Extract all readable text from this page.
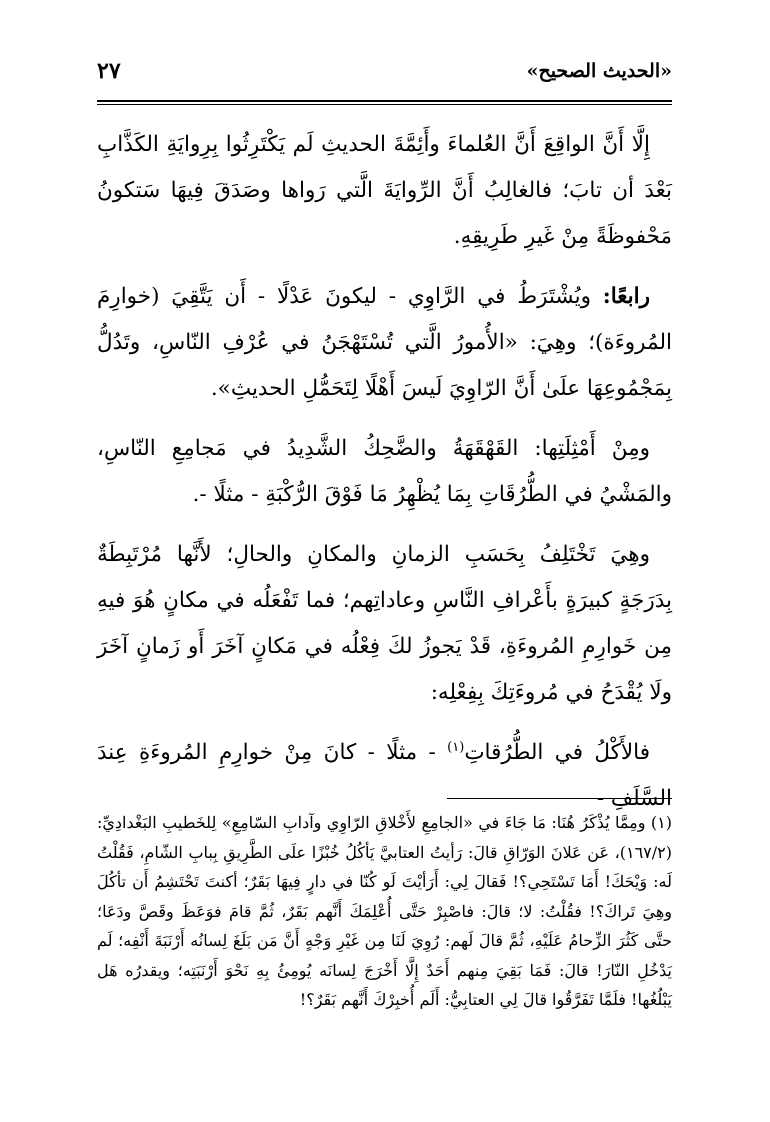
«الحديث الصحيح»
٢٧

إِلَّا أَنَّ الواقِعَ أَنَّ العُلماءَ وأَئِمَّةَ الحديثِ لَم يَكْتَرِثُوا بِرِوايَةِ الكَذَّابِ بَعْدَ أن تابَ؛ فالغالِبُ أَنَّ الرِّوايَةَ الَّتي رَواها وصَدَقَ فِيهَا سَتكونُ مَحْفوظَةً مِنْ غَيرِ طَرِيقِهِ.

رابعًا: ويُشْتَرَطُ في الرَّاوِي - ليكونَ عَدْلًا - أَن يَتَّقِيَ (خوارِمَ المُروءَة)؛ وهِيَ: «الأُمورُ الَّتي تُسْتَهْجَنُ في عُرْفِ النّاسِ، وتَدُلُّ بِمَجْمُوعِهَا علَىٰ أَنَّ الرّاوِيَ لَيسَ أَهْلًا لِتَحَمُّلِ الحديثِ».

ومِنْ أَمْثِلَتِها: القَهْقَهَةُ والضَّحِكُ الشَّدِيدُ في مَجامِعِ النّاسِ، والمَشْيُ في الطُّرُقَاتِ بِمَا يُظْهِرُ مَا فَوْقَ الرُّكْبَةِ - مثلًا -.

وهِيَ تَخْتَلِفُ بِحَسَبِ الزمانِ والمكانِ والحالِ؛ لأَنَّها مُرْتَبِطَةٌ بِدَرَجَةٍ كبيرَةٍ بأَعْرافِ النَّاسِ وعاداتِهم؛ فما تَفْعَلُه في مكانٍ هُوَ فيهِ مِن خَوارِمِ المُروءَةِ، قَدْ يَجوزُ لكَ فِعْلُه في مَكانٍ آخَرَ أَو زَمانٍ آخَرَ ولَا يُقْدَحُ في مُروءَتِكَ بِفِعْلِه:

فالأَكْلُ في الطُّرُقاتِ$^{(١)}$ - مثلًا - كانَ مِنْ خوارِمِ المُروءَةِ عِندَ السَّلَفِ -

(١) ومِمَّا يُذْكَرُ هُنَا: مَا جَاءَ في «الجامِعِ لأَخْلاقِ الرّاوِي وآدابِ السّامِعِ» لِلخَطيبِ البَغْدادِيِّ: (١٦٧/٢)، عَن عَلانَ الوَرّاقِ قالَ: رَأيتُ العتابيَّ يَأكُلُ خُبْزًا علَى الطَّرِيقِ بِبابِ الشّامِ، فَقُلْتُ لَه: وَيْحَكَ! أَمَا تَسْتَحِي؟! فَقالَ لِي: أَرَأيْتَ لَو كُنّا في دارٍ فِيهَا بَقَرٌ؛ أكنتَ تَحْتَشِمُ أَن تأكُلَ وهِيَ تَراكَ؟! فقُلْتُ: لا؛ قالَ: فاصْبِرْ حَتَّى أُعْلِمَكَ أَنَّهم بَقَرٌ، ثُمَّ قامَ فوَعَظَ وقَصَّ ودَعَا؛ حتَّى كَثُرَ الزِّحامُ عَلَيْهِ، ثُمَّ قالَ لَهم: رُوِيَ لَنَا مِن غَيْرِ وَجْهٍ أَنَّ مَن بَلَغَ لِسانُه أَرْنَبَةَ أَنْفِه؛ لَم يَدْخُلِ النّارَ! قالَ: فَمَا بَقِيَ مِنهم أَحَدٌ إِلَّا أَخْرَجَ لِسانَه يُومِئُ بِهِ نَحْوَ أَرْنَبَتِه؛ ويقدرُه هَل يَبْلُغُها! فلَمَّا تَفَرَّقُوا قالَ لِي العتابِيُّ: أَلَم أُخبِرْكَ أَنَّهم بَقَرٌ؟!
